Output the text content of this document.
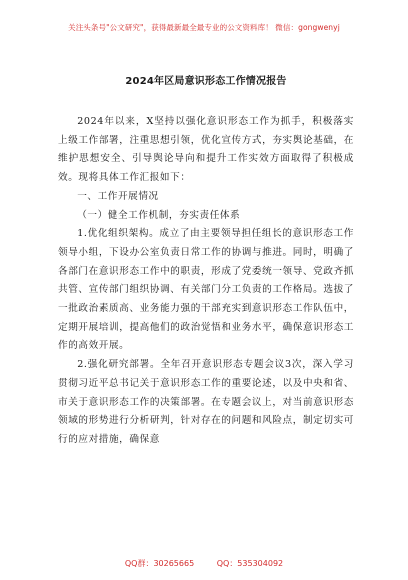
关注头条号"公文研究"，获得最新最全最专业的公文资料库！ 微信：gongwenyj
2024年区局意识形态工作情况报告

2024年以来，X坚持以强化意识形态工作为抓手，积极落实上级工作部署，注重思想引领，优化宣传方式，夯实舆论基础，在维护思想安全、引导舆论导向和提升工作实效方面取得了积极成效。现将具体工作汇报如下：

一、工作开展情况

（一）健全工作机制，夯实责任体系

1.优化组织架构。成立了由主要领导担任组长的意识形态工作领导小组，下设办公室负责日常工作的协调与推进。同时，明确了各部门在意识形态工作中的职责，形成了党委统一领导、党政齐抓共管、宣传部门组织协调、有关部门分工负责的工作格局。选拔了一批政治素质高、业务能力强的干部充实到意识形态工作队伍中，定期开展培训，提高他们的政治觉悟和业务水平，确保意识形态工作的高效开展。

2.强化研究部署。全年召开意识形态专题会议3次，深入学习贯彻习近平总书记关于意识形态工作的重要论述，以及中央和省、市关于意识形态工作的决策部署。在专题会议上，对当前意识形态领域的形势进行分析研判，针对存在的问题和风险点，制定切实可行的应对措施，确保意

QQ群：30265665	QQ：535304092
